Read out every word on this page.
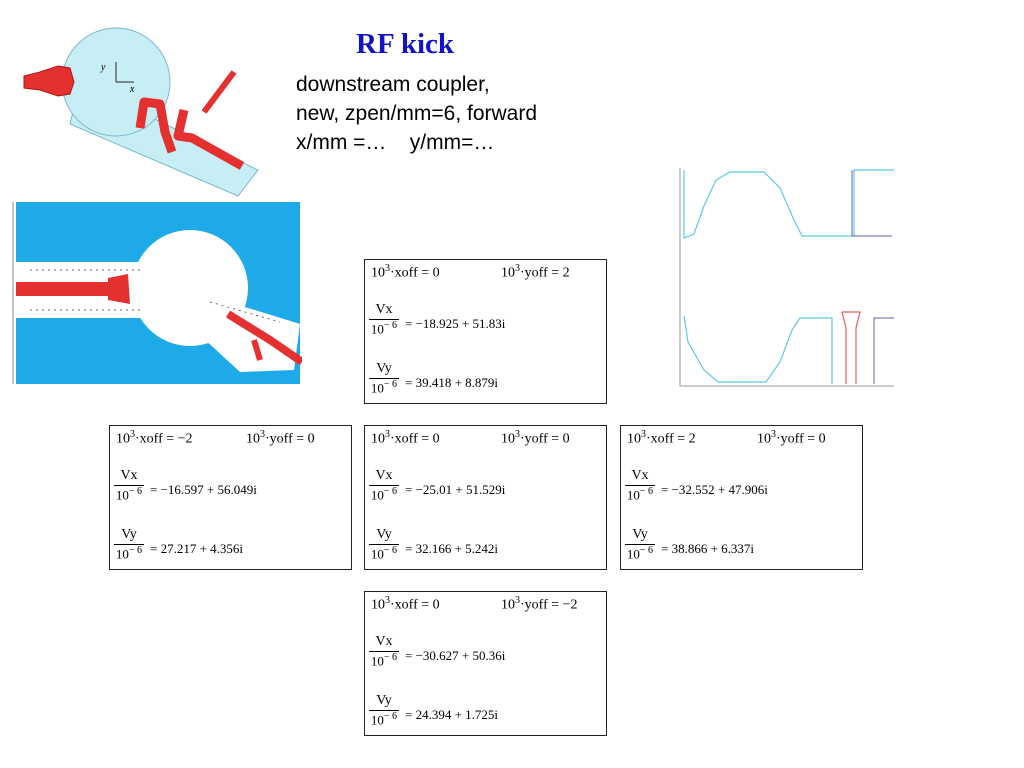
RF kick
downstream coupler,
new, zpen/mm=6, forward
x/mm =…    y/mm=…
y
x
$10^3\cdot xoff = 0$	$10^3\cdot yoff = 2$
$\frac{Vx}{10^{- 6}} = -18.925 + 51.83i$
$\frac{Vy}{10^{- 6}} = 39.418 + 8.879i$
$10^3\cdot xoff = -2$	$10^3\cdot yoff = 0$
$\frac{Vx}{10^{- 6}} = -16.597 + 56.049i$
$\frac{Vy}{10^{- 6}} = 27.217 + 4.356i$
$10^3\cdot xoff = 0$	$10^3\cdot yoff = 0$
$\frac{Vx}{10^{- 6}} = -25.01 + 51.529i$
$\frac{Vy}{10^{- 6}} = 32.166 + 5.242i$
$10^3\cdot xoff = 2$	$10^3\cdot yoff = 0$
$\frac{Vx}{10^{- 6}} = -32.552 + 47.906i$
$\frac{Vy}{10^{- 6}} = 38.866 + 6.337i$
$10^3\cdot xoff = 0$	$10^3\cdot yoff = -2$
$\frac{Vx}{10^{- 6}} = -30.627 + 50.36i$
$\frac{Vy}{10^{- 6}} = 24.394 + 1.725i$
